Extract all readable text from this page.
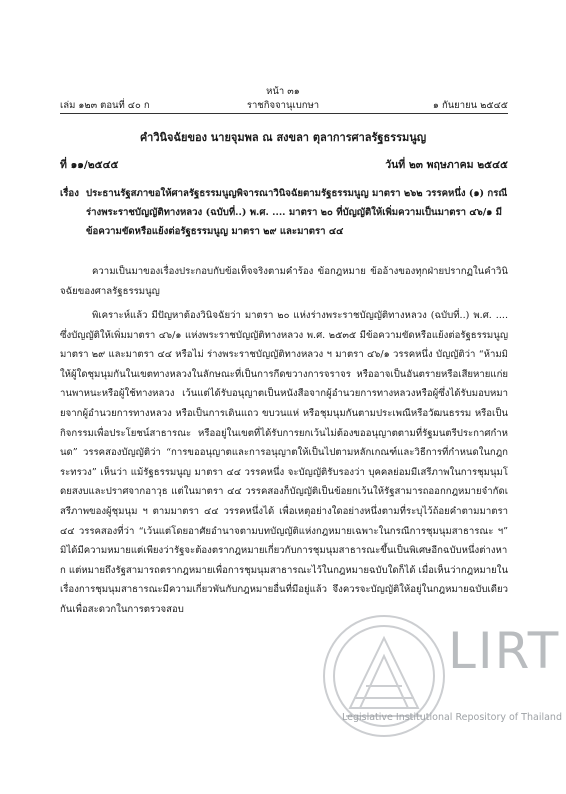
เล่ม ๑๒๓ ตอนที่ ๔๐ ก
หน้า ๓๑
ราชกิจจานุเบกษา	๑ กันยายน ๒๕๔๕
คำวินิจฉัยของ นายจุมพล ณ สงขลา ตุลาการศาลรัฐธรรมนูญ
ที่ ๑๑/๒๕๔๕	วันที่ ๒๓ พฤษภาคม ๒๕๔๕
เรื่อง ประธานรัฐสภาขอให้ศาลรัฐธรรมนูญพิจารณาวินิจฉัยตามรัฐธรรมนูญ มาตรา ๒๖๒ วรรคหนึ่ง (๑) กรณีร่างพระราชบัญญัติทางหลวง (ฉบับที่..) พ.ศ. .... มาตรา ๒๐ ที่บัญญัติให้เพิ่มความเป็นมาตรา ๔๖/๑ มีข้อความขัดหรือแย้งต่อรัฐธรรมนูญ มาตรา ๒๙ และมาตรา ๔๔
ความเป็นมาของเรื่องประกอบกับข้อเท็จจริงตามคำร้อง ข้อกฎหมาย ข้ออ้างของทุกฝ่ายปรากฏในคำวินิจฉัยของศาลรัฐธรรมนูญ
พิเคราะห์แล้ว มีปัญหาต้องวินิจฉัยว่า มาตรา ๒๐ แห่งร่างพระราชบัญญัติทางหลวง (ฉบับที่..) พ.ศ. .... ซึ่งบัญญัติให้เพิ่มมาตรา ๔๖/๑ แห่งพระราชบัญญัติทางหลวง พ.ศ. ๒๕๓๕ มีข้อความขัดหรือแย้งต่อรัฐธรรมนูญ มาตรา ๒๙ และมาตรา ๔๔ หรือไม่ ร่างพระราชบัญญัติทางหลวง ฯ มาตรา ๔๖/๑ วรรคหนึ่ง บัญญัติว่า “ห้ามมิให้ผู้ใดชุมนุมกันในเขตทางหลวงในลักษณะที่เป็นการกีดขวางการจราจร หรืออาจเป็นอันตรายหรือเสียหายแก่ยานพาหนะหรือผู้ใช้ทางหลวง เว้นแต่ได้รับอนุญาตเป็นหนังสือจากผู้อำนวยการทางหลวงหรือผู้ซึ่งได้รับมอบหมายจากผู้อำนวยการทางหลวง หรือเป็นการเดินแถว ขบวนแห่ หรือชุมนุมกันตามประเพณีหรือวัฒนธรรม หรือเป็นกิจกรรมเพื่อประโยชน์สาธารณะ หรืออยู่ในเขตที่ได้รับการยกเว้นไม่ต้องขออนุญาตตามที่รัฐมนตรีประกาศกำหนด” วรรคสองบัญญัติว่า “การขออนุญาตและการอนุญาตให้เป็นไปตามหลักเกณฑ์และวิธีการที่กำหนดในกฎกระทรวง” เห็นว่า แม้รัฐธรรมนูญ มาตรา ๔๔ วรรคหนึ่ง จะบัญญัติรับรองว่า บุคคลย่อมมีเสรีภาพในการชุมนุมโดยสงบและปราศจากอาวุธ แต่ในมาตรา ๔๔ วรรคสองก็บัญญัติเป็นข้อยกเว้นให้รัฐสามารถออกกฎหมายจำกัดเสรีภาพของผู้ชุมนุม ฯ ตามมาตรา ๔๔ วรรคหนึ่งได้ เพื่อเหตุอย่างใดอย่างหนึ่งตามที่ระบุไว้ถ้อยคำตามมาตรา ๔๔ วรรคสองที่ว่า “เว้นแต่โดยอาศัยอำนาจตามบทบัญญัติแห่งกฎหมายเฉพาะในกรณีการชุมนุมสาธารณะ ฯ” มิได้มีความหมายแต่เพียงว่ารัฐจะต้องตรากฎหมายเกี่ยวกับการชุมนุมสาธารณะขึ้นเป็นพิเศษอีกฉบับหนึ่งต่างหาก แต่หมายถึงรัฐสามารถตรากฎหมายเพื่อการชุมนุมสาธารณะไว้ในกฎหมายฉบับใดก็ได้ เมื่อเห็นว่ากฎหมายในเรื่องการชุมนุมสาธารณะมีความเกี่ยวพันกับกฎหมายอื่นที่มีอยู่แล้ว จึงควรจะบัญญัติให้อยู่ในกฎหมายฉบับเดียวกันเพื่อสะดวกในการตรวจสอบ
LIRT
Legislative Institutional Repository of Thailand
